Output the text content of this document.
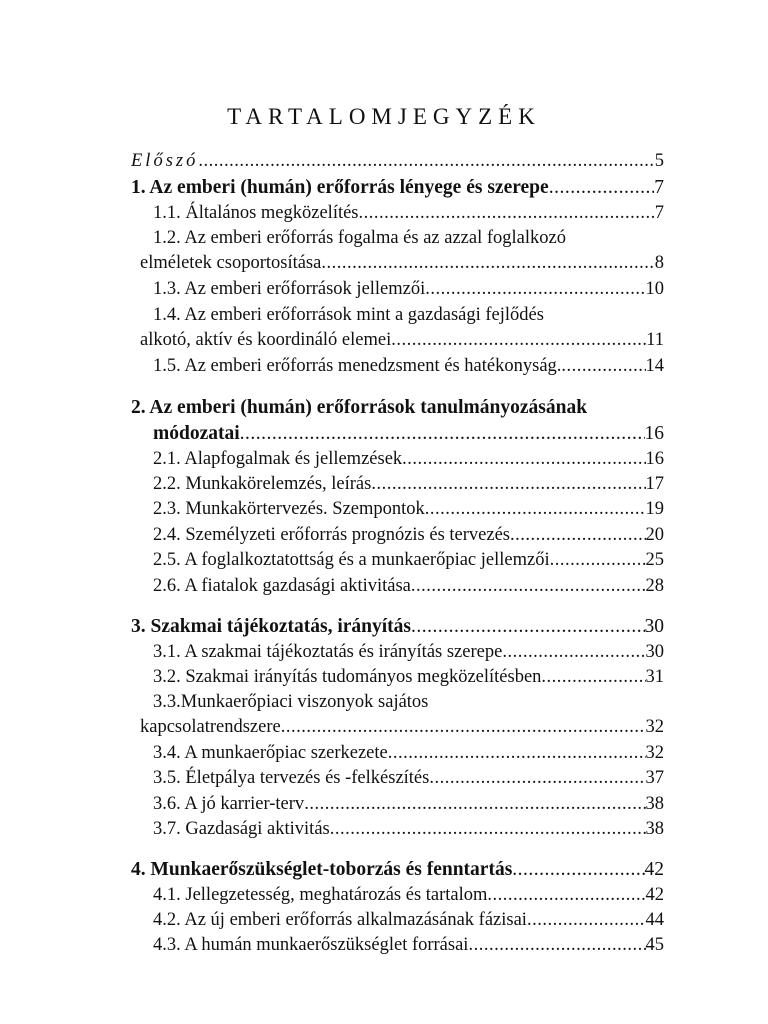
TARTALOMJEGYZÉK
Előszó .....	5
1. Az emberi (humán) erőforrás lényege és szerepe .....	7
1.1. Általános megközelítés .....	7
1.2. Az emberi erőforrás fogalma és az azzal foglalkozó
elméletek csoportosítása .....	8
1.3. Az emberi erőforrások jellemzői .....	10
1.4. Az emberi erőforrások mint a gazdasági fejlődés
alkotó, aktív és koordináló elemei .....	11
1.5. Az emberi erőforrás menedzsment és hatékonyság. .....	14
2. Az emberi (humán) erőforrások tanulmányozásának
módozatai .....	16
2.1. Alapfogalmak és jellemzések .....	16
2.2. Munkakörelemzés, leírás .....	17
2.3. Munkakörtervezés. Szempontok .....	19
2.4. Személyzeti erőforrás prognózis és tervezés .....	20
2.5. A foglalkoztatottság és a munkaerőpiac jellemzői .....	25
2.6. A fiatalok gazdasági aktivitása .....	28
3. Szakmai tájékoztatás, irányítás .....	30
3.1. A szakmai tájékoztatás és irányítás szerepe .....	30
3.2. Szakmai irányítás tudományos megközelítésben .....	31
3.3.Munkaerőpiaci viszonyok sajátos
kapcsolatrendszere .....	32
3.4. A munkaerőpiac szerkezete .....	32
3.5. Életpálya tervezés és -felkészítés .....	37
3.6. A jó karrier-terv .....	38
3.7. Gazdasági aktivitás .....	38
4. Munkaerőszükséglet-toborzás és fenntartás .....	42
4.1. Jellegzetesség, meghatározás és tartalom .....	42
4.2. Az új emberi erőforrás alkalmazásának fázisai .....	44
4.3. A humán munkaerőszükséglet forrásai .....	45
